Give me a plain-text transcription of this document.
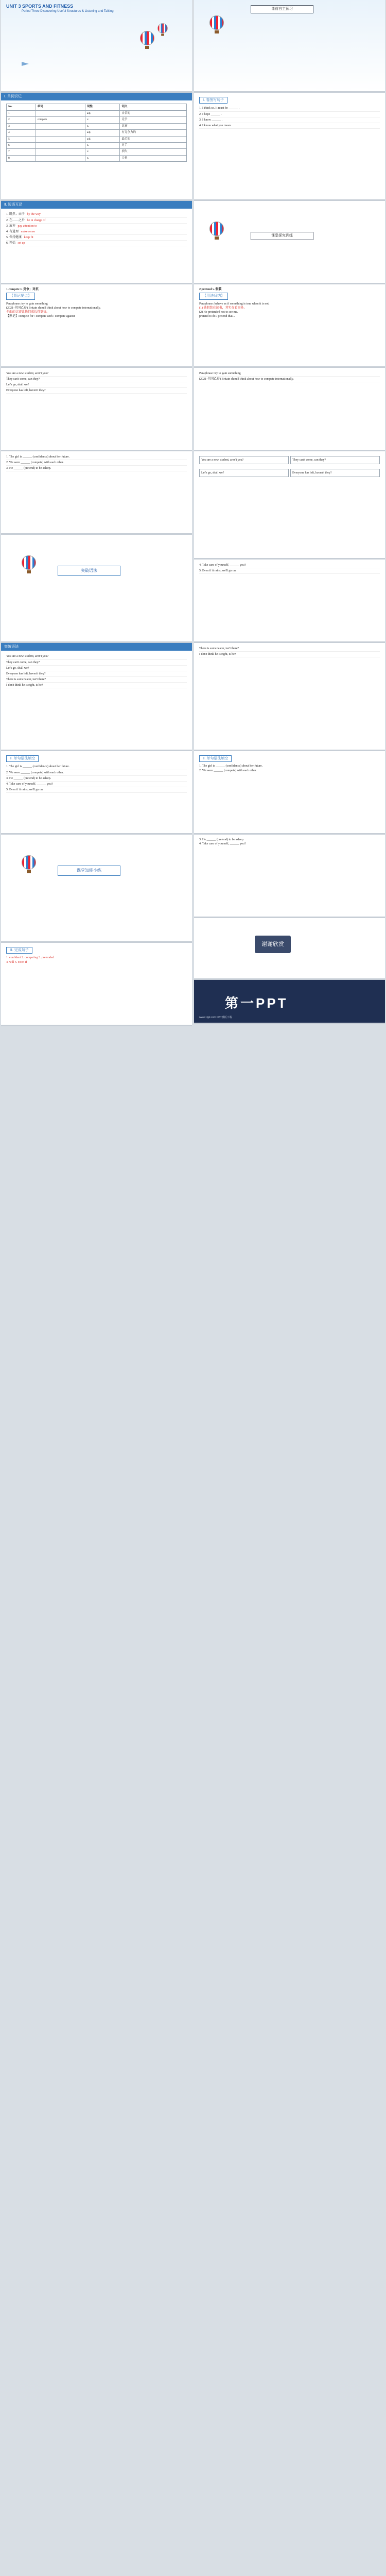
UNIT 3 SPORTS AND FITNESS
Period Three Discovering Useful Structures & Listening and Talking
Ⅰ. 单词识记
No.	单词	词性	词义
1		adj.	自信的
2	compete	v.	竞争
3		n.	比赛
4		adj.	有竞争力的
5		adj.	最后的
6		n.	对手
7		v.	损失
8		n.	力量
Ⅱ. 短语互译
1. 既然；由于 by the way
2. 在……之后 be in charge of
3. 放弃 pay attention to
4. 有道理 make sense
5. 保持健康 keep fit
6. 开始 set up
1 compete v. 竞争；对抗
【背记要点】
Paraphrase: try to gain something
(2021·全国乙卷) Britain should think about how to compete internationally.
全面的比赛让他们成长得更快。
【熟记】compete for / compete with / compete against
You are a new student, aren't you?
They can't come, can they?
Let's go, shall we?
Everyone has left, haven't they?
1. The girl is ______ (confidence) about her future.
2. We were ______ (compete) with each other.
3. He ______ (pretend) to be asleep.
突破语法
突破语法
You are a new student, aren't you?
They can't come, can they?
Let's go, shall we?
Everyone has left, haven't they?
There is some water, isn't there?
I don't think he is right, is he?
Ⅱ. 单句语法填空
1. The girl is ______ (confidence) about her future.
2. We were ______ (compete) with each other.
3. He ______ (pretend) to be asleep.
4. Take care of yourself, ______ you?
5. Even if it rains, we'll go on.
课堂知能小练
Ⅲ. 完成句子
1. confident 2. competing 3. pretended
4. will 5. Even if
课前自主预习
Ⅰ. 看图写句子
1. I think so. It must be ______ .
2. I hope ______ .
3. I know ______ .
4. I know what you mean.
课堂探究训练
2 pretend v. 假装
【用法归纳】
Paraphrase: behave as if something is true when it is not.
(1) 她假装在读书，其实在看窗外。
(2) He pretended not to see me.
pretend to do / pretend that...
Paraphrase: try to gain something
(2021·全国乙卷) Britain should think about how to compete internationally.
You are a new student, aren't you?	They can't come, can they?
Let's go, shall we?	Everyone has left, haven't they?
4. Take care of yourself, ______ you?
5. Even if it rains, we'll go on.
There is some water, isn't there?
I don't think he is right, is he?
Ⅱ. 单句语法填空
1. The girl is ______ (confidence) about her future.
2. We were ______ (compete) with each other.
3. He ______ (pretend) to be asleep.
4. Take care of yourself, ______ you?
谢谢欣赏
第一PPT
www.1ppt.com PPT模板下载
